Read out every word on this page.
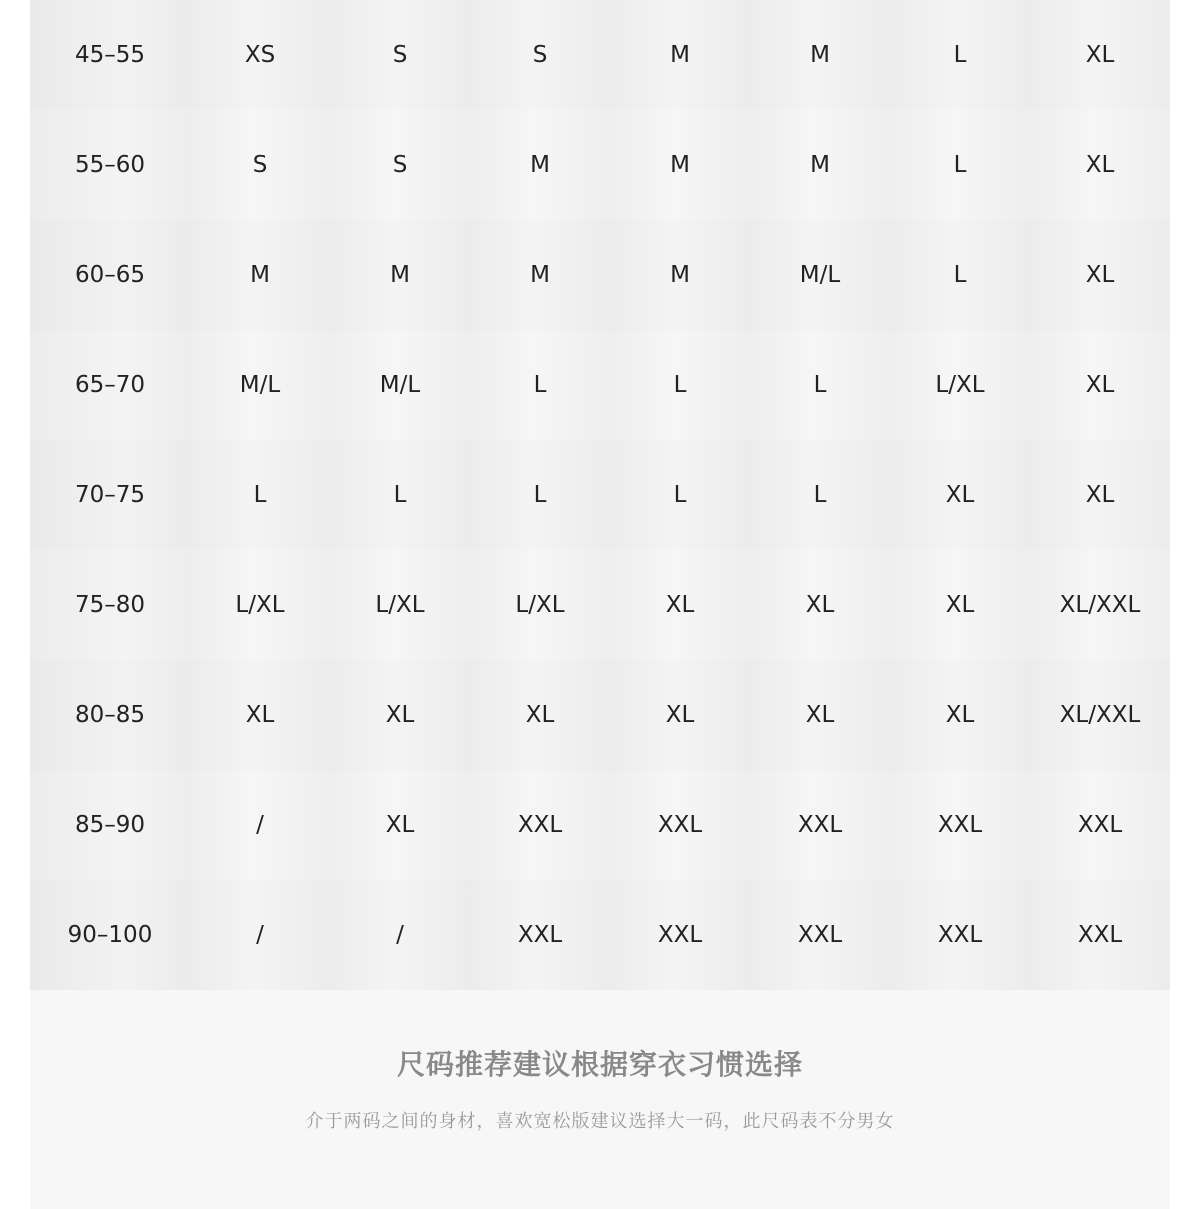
45–55	XS	S	S	M	M	L	XL
55–60	S	S	M	M	M	L	XL
60–65	M	M	M	M	M/L	L	XL
65–70	M/L	M/L	L	L	L	L/XL	XL
70–75	L	L	L	L	L	XL	XL
75–80	L/XL	L/XL	L/XL	XL	XL	XL	XL/XXL
80–85	XL	XL	XL	XL	XL	XL	XL/XXL
85–90	/	XL	XXL	XXL	XXL	XXL	XXL
90–100	/	/	XXL	XXL	XXL	XXL	XXL
尺码推荐建议根据穿衣习惯选择
介于两码之间的身材，喜欢宽松版建议选择大一码，此尺码表不分男女
